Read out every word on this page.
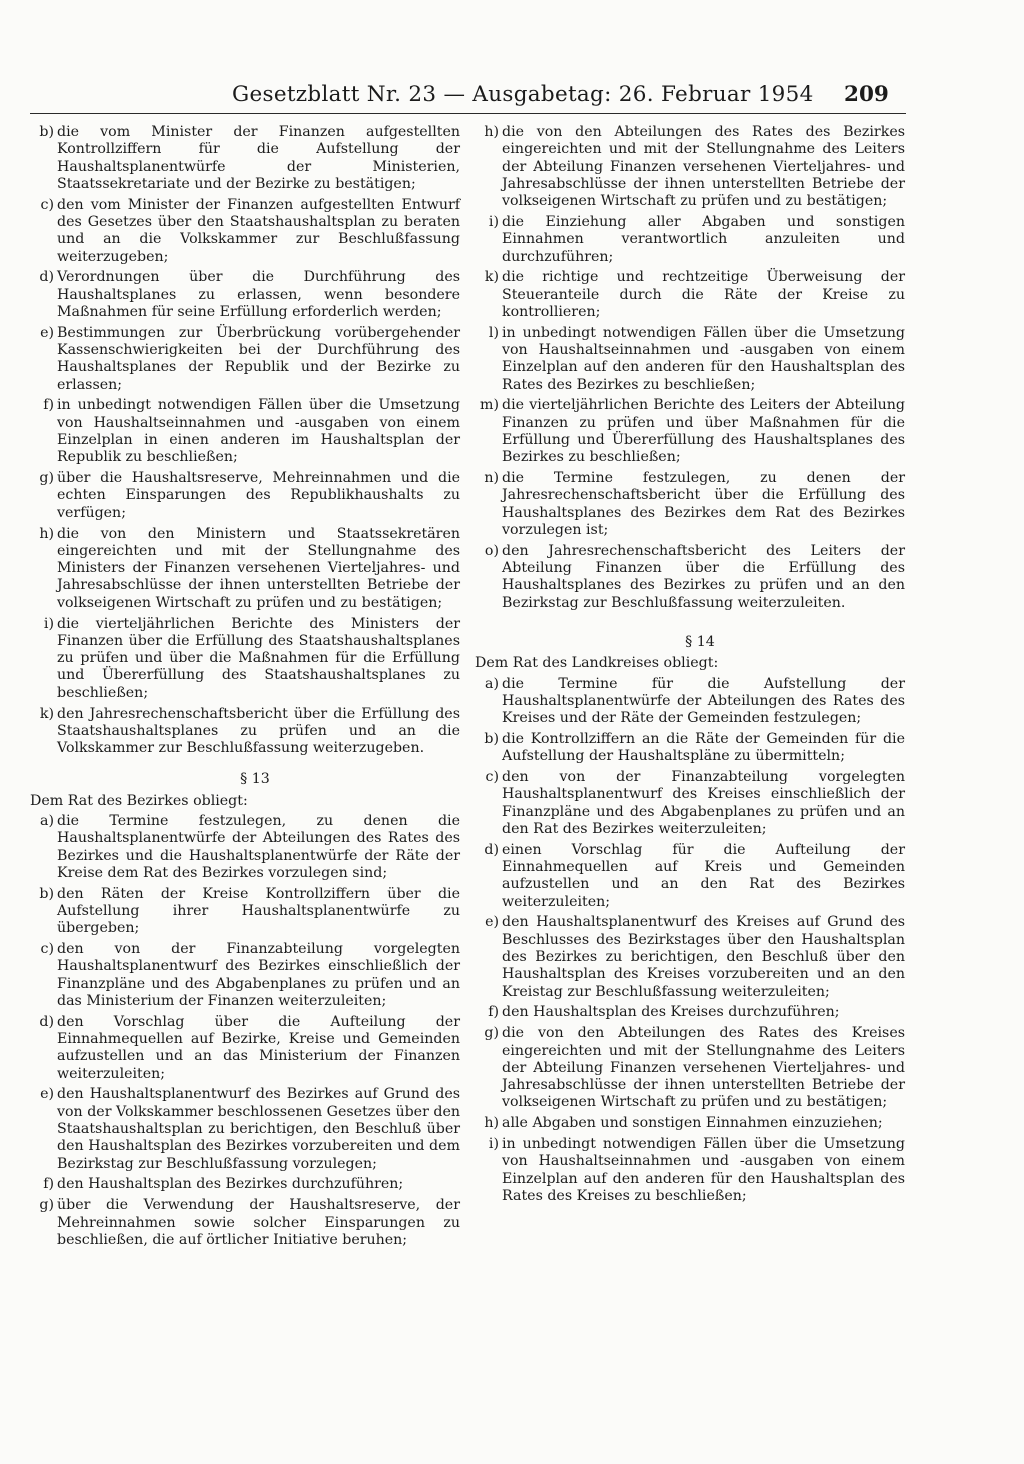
Gesetzblatt Nr. 23 — Ausgabetag: 26. Februar 1954 209
b) die vom Minister der Finanzen aufgestellten Kontrollziffern für die Aufstellung der Haushaltsplanentwürfe der Ministerien, Staatssekretariate und der Bezirke zu bestätigen;
c) den vom Minister der Finanzen aufgestellten Entwurf des Gesetzes über den Staatshaushaltsplan zu beraten und an die Volkskammer zur Beschlußfassung weiterzugeben;
d) Verordnungen über die Durchführung des Haushaltsplanes zu erlassen, wenn besondere Maßnahmen für seine Erfüllung erforderlich werden;
e) Bestimmungen zur Überbrückung vorübergehender Kassenschwierigkeiten bei der Durchführung des Haushaltsplanes der Republik und der Bezirke zu erlassen;
f) in unbedingt notwendigen Fällen über die Umsetzung von Haushaltseinnahmen und -ausgaben von einem Einzelplan in einen anderen im Haushaltsplan der Republik zu beschließen;
g) über die Haushaltsreserve, Mehreinnahmen und die echten Einsparungen des Republikhaushalts zu verfügen;
h) die von den Ministern und Staatssekretären eingereichten und mit der Stellungnahme des Ministers der Finanzen versehenen Vierteljahres- und Jahresabschlüsse der ihnen unterstellten Betriebe der volkseigenen Wirtschaft zu prüfen und zu bestätigen;
i) die vierteljährlichen Berichte des Ministers der Finanzen über die Erfüllung des Staatshaushaltsplanes zu prüfen und über die Maßnahmen für die Erfüllung und Übererfüllung des Staatshaushaltsplanes zu beschließen;
k) den Jahresrechenschaftsbericht über die Erfüllung des Staatshaushaltsplanes zu prüfen und an die Volkskammer zur Beschlußfassung weiterzugeben.
§ 13
Dem Rat des Bezirkes obliegt:
a) die Termine festzulegen, zu denen die Haushaltsplanentwürfe der Abteilungen des Rates des Bezirkes und die Haushaltsplanentwürfe der Räte der Kreise dem Rat des Bezirkes vorzulegen sind;
b) den Räten der Kreise Kontrollziffern über die Aufstellung ihrer Haushaltsplanentwürfe zu übergeben;
c) den von der Finanzabteilung vorgelegten Haushaltsplanentwurf des Bezirkes einschließlich der Finanzpläne und des Abgabenplanes zu prüfen und an das Ministerium der Finanzen weiterzuleiten;
d) den Vorschlag über die Aufteilung der Einnahmequellen auf Bezirke, Kreise und Gemeinden aufzustellen und an das Ministerium der Finanzen weiterzuleiten;
e) den Haushaltsplanentwurf des Bezirkes auf Grund des von der Volkskammer beschlossenen Gesetzes über den Staatshaushaltsplan zu berichtigen, den Beschluß über den Haushaltsplan des Bezirkes vorzubereiten und dem Bezirkstag zur Beschlußfassung vorzulegen;
f) den Haushaltsplan des Bezirkes durchzuführen;
g) über die Verwendung der Haushaltsreserve, der Mehreinnahmen sowie solcher Einsparungen zu beschließen, die auf örtlicher Initiative beruhen;
h) die von den Abteilungen des Rates des Bezirkes eingereichten und mit der Stellungnahme des Leiters der Abteilung Finanzen versehenen Vierteljahres- und Jahresabschlüsse der ihnen unterstellten Betriebe der volkseigenen Wirtschaft zu prüfen und zu bestätigen;
i) die Einziehung aller Abgaben und sonstigen Einnahmen verantwortlich anzuleiten und durchzuführen;
k) die richtige und rechtzeitige Überweisung der Steueranteile durch die Räte der Kreise zu kontrollieren;
l) in unbedingt notwendigen Fällen über die Umsetzung von Haushaltseinnahmen und -ausgaben von einem Einzelplan auf den anderen für den Haushaltsplan des Rates des Bezirkes zu beschließen;
m) die vierteljährlichen Berichte des Leiters der Abteilung Finanzen zu prüfen und über Maßnahmen für die Erfüllung und Übererfüllung des Haushaltsplanes des Bezirkes zu beschließen;
n) die Termine festzulegen, zu denen der Jahresrechenschaftsbericht über die Erfüllung des Haushaltsplanes des Bezirkes dem Rat des Bezirkes vorzulegen ist;
o) den Jahresrechenschaftsbericht des Leiters der Abteilung Finanzen über die Erfüllung des Haushaltsplanes des Bezirkes zu prüfen und an den Bezirkstag zur Beschlußfassung weiterzuleiten.
§ 14
Dem Rat des Landkreises obliegt:
a) die Termine für die Aufstellung der Haushaltsplanentwürfe der Abteilungen des Rates des Kreises und der Räte der Gemeinden festzulegen;
b) die Kontrollziffern an die Räte der Gemeinden für die Aufstellung der Haushaltspläne zu übermitteln;
c) den von der Finanzabteilung vorgelegten Haushaltsplanentwurf des Kreises einschließlich der Finanzpläne und des Abgabenplanes zu prüfen und an den Rat des Bezirkes weiterzuleiten;
d) einen Vorschlag für die Aufteilung der Einnahmequellen auf Kreis und Gemeinden aufzustellen und an den Rat des Bezirkes weiterzuleiten;
e) den Haushaltsplanentwurf des Kreises auf Grund des Beschlusses des Bezirkstages über den Haushaltsplan des Bezirkes zu berichtigen, den Beschluß über den Haushaltsplan des Kreises vorzubereiten und an den Kreistag zur Beschlußfassung weiterzuleiten;
f) den Haushaltsplan des Kreises durchzuführen;
g) die von den Abteilungen des Rates des Kreises eingereichten und mit der Stellungnahme des Leiters der Abteilung Finanzen versehenen Vierteljahres- und Jahresabschlüsse der ihnen unterstellten Betriebe der volkseigenen Wirtschaft zu prüfen und zu bestätigen;
h) alle Abgaben und sonstigen Einnahmen einzuziehen;
i) in unbedingt notwendigen Fällen über die Umsetzung von Haushaltseinnahmen und -ausgaben von einem Einzelplan auf den anderen für den Haushaltsplan des Rates des Kreises zu beschließen;
